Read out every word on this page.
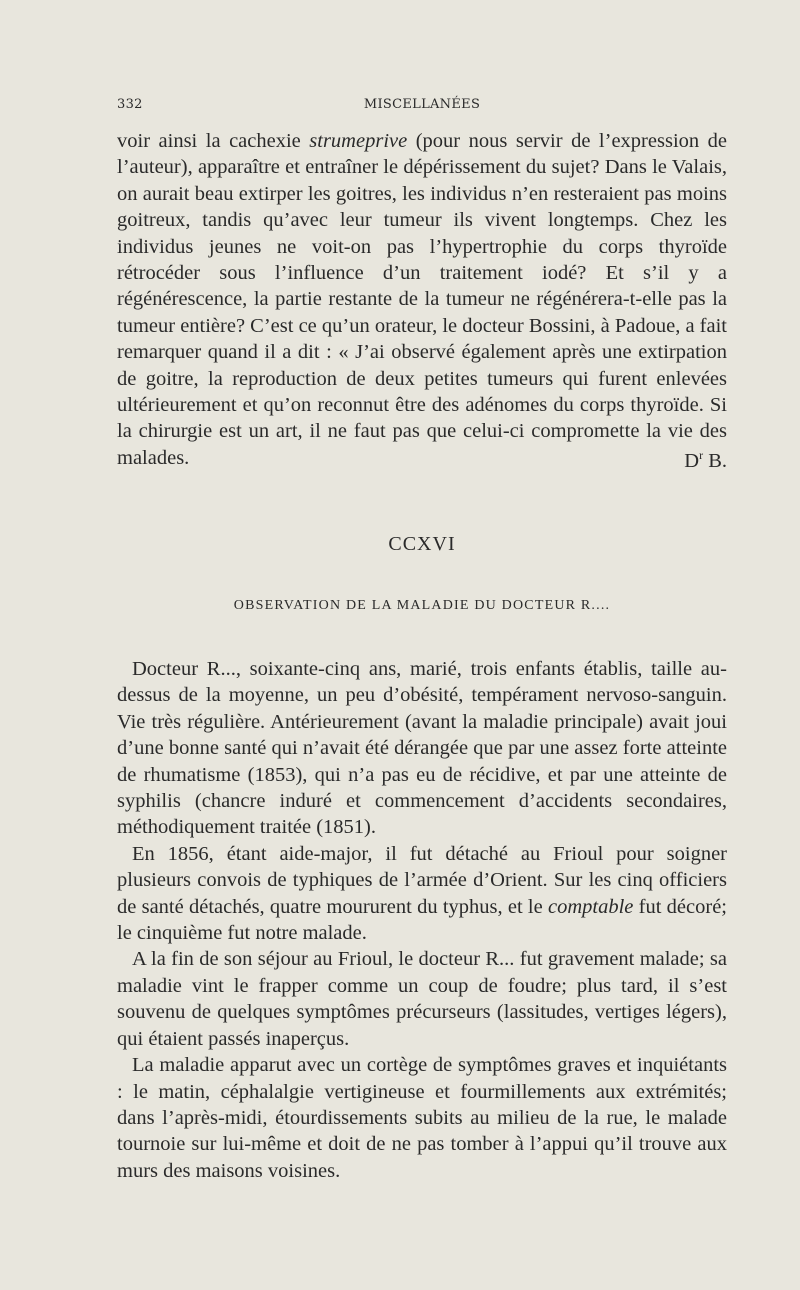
332	MISCELLANÉES

voir ainsi la cachexie strumeprive (pour nous servir de l’expression de l’auteur), apparaître et entraîner le dépérissement du sujet? Dans le Valais, on aurait beau extirper les goitres, les individus n’en resteraient pas moins goitreux, tandis qu’avec leur tumeur ils vivent longtemps. Chez les individus jeunes ne voit-on pas l’hypertrophie du corps thyroïde rétrocéder sous l’influence d’un traitement iodé? Et s’il y a régénérescence, la partie restante de la tumeur ne régénérera-t-elle pas la tumeur entière? C’est ce qu’un orateur, le docteur Bossini, à Padoue, a fait remarquer quand il a dit : « J’ai observé également après une extirpation de goitre, la reproduction de deux petites tumeurs qui furent enlevées ultérieurement et qu’on reconnut être des adénomes du corps thyroïde. Si la chirurgie est un art, il ne faut pas que celui-ci compromette la vie des malades.	$D^r$ B.
CCXVI
OBSERVATION DE LA MALADIE DU DOCTEUR R....

Docteur R..., soixante-cinq ans, marié, trois enfants établis, taille au-dessus de la moyenne, un peu d’obésité, tempérament nervoso-sanguin. Vie très régulière. Antérieurement (avant la maladie principale) avait joui d’une bonne santé qui n’avait été dérangée que par une assez forte atteinte de rhumatisme (1853), qui n’a pas eu de récidive, et par une atteinte de syphilis (chancre induré et commencement d’accidents secondaires, méthodiquement traitée (1851).

En 1856, étant aide-major, il fut détaché au Frioul pour soigner plusieurs convois de typhiques de l’armée d’Orient. Sur les cinq officiers de santé détachés, quatre moururent du typhus, et le comptable fut décoré; le cinquième fut notre malade.

A la fin de son séjour au Frioul, le docteur R... fut gravement malade; sa maladie vint le frapper comme un coup de foudre; plus tard, il s’est souvenu de quelques symptômes précurseurs (lassitudes, vertiges légers), qui étaient passés inaperçus.

La maladie apparut avec un cortège de symptômes graves et inquiétants : le matin, céphalalgie vertigineuse et fourmillements aux extrémités; dans l’après-midi, étourdissements subits au milieu de la rue, le malade tournoie sur lui-même et doit de ne pas tomber à l’appui qu’il trouve aux murs des maisons voisines.
